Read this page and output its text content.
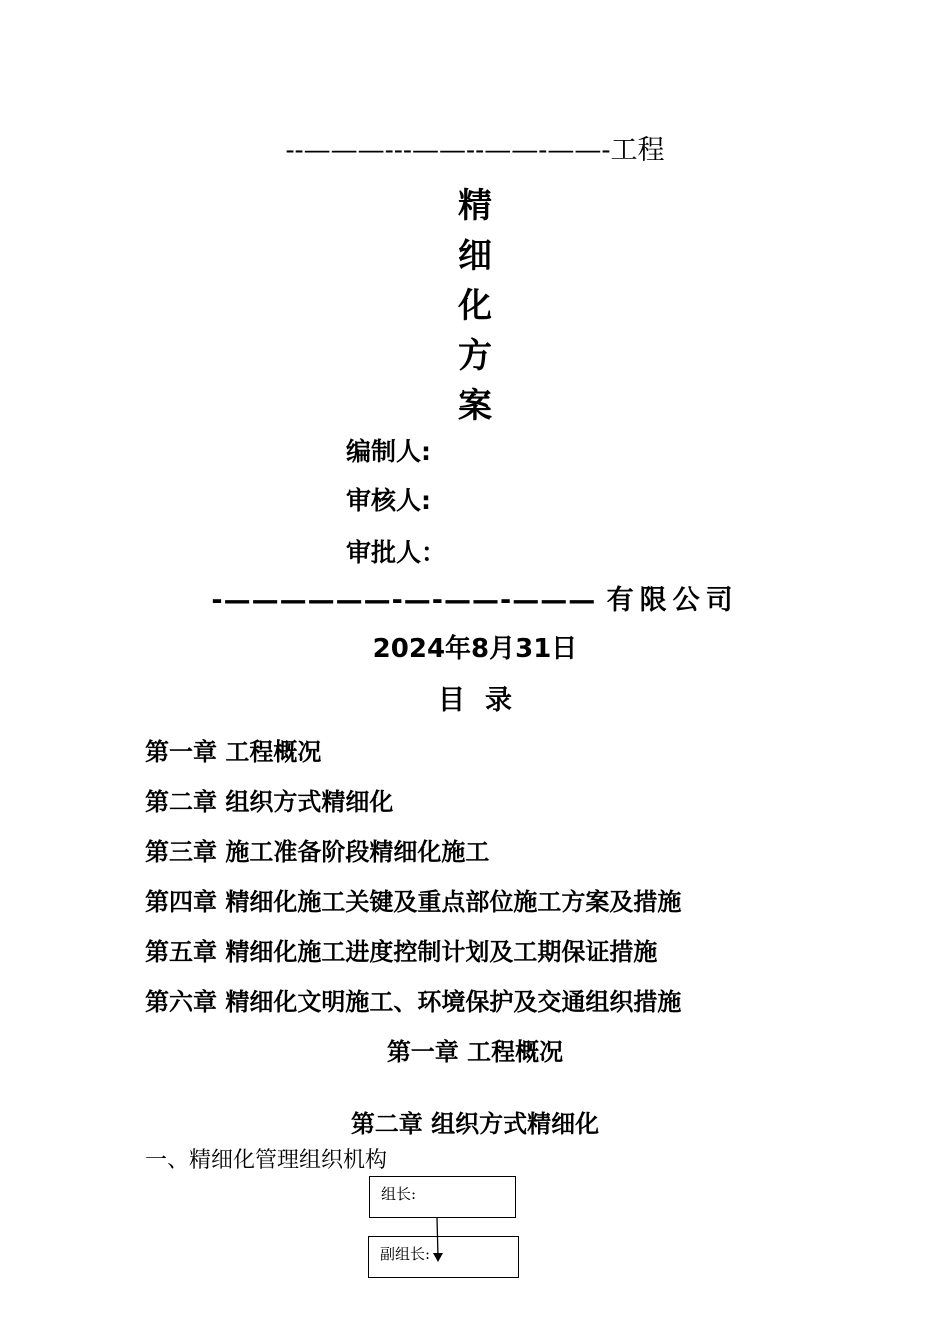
--———---——--——-——-工程
精
细
化
方
案
编制人:
审核人:
审批人：
-——————-—-——-——— 有限公司
2024年8月31日
目录
第一章 工程概况
第二章 组织方式精细化
第三章 施工准备阶段精细化施工
第四章 精细化施工关键及重点部位施工方案及措施
第五章 精细化施工进度控制计划及工期保证措施
第六章 精细化文明施工、环境保护及交通组织措施
第一章 工程概况
第二章 组织方式精细化
一、精细化管理组织机构
组长:
副组长:
